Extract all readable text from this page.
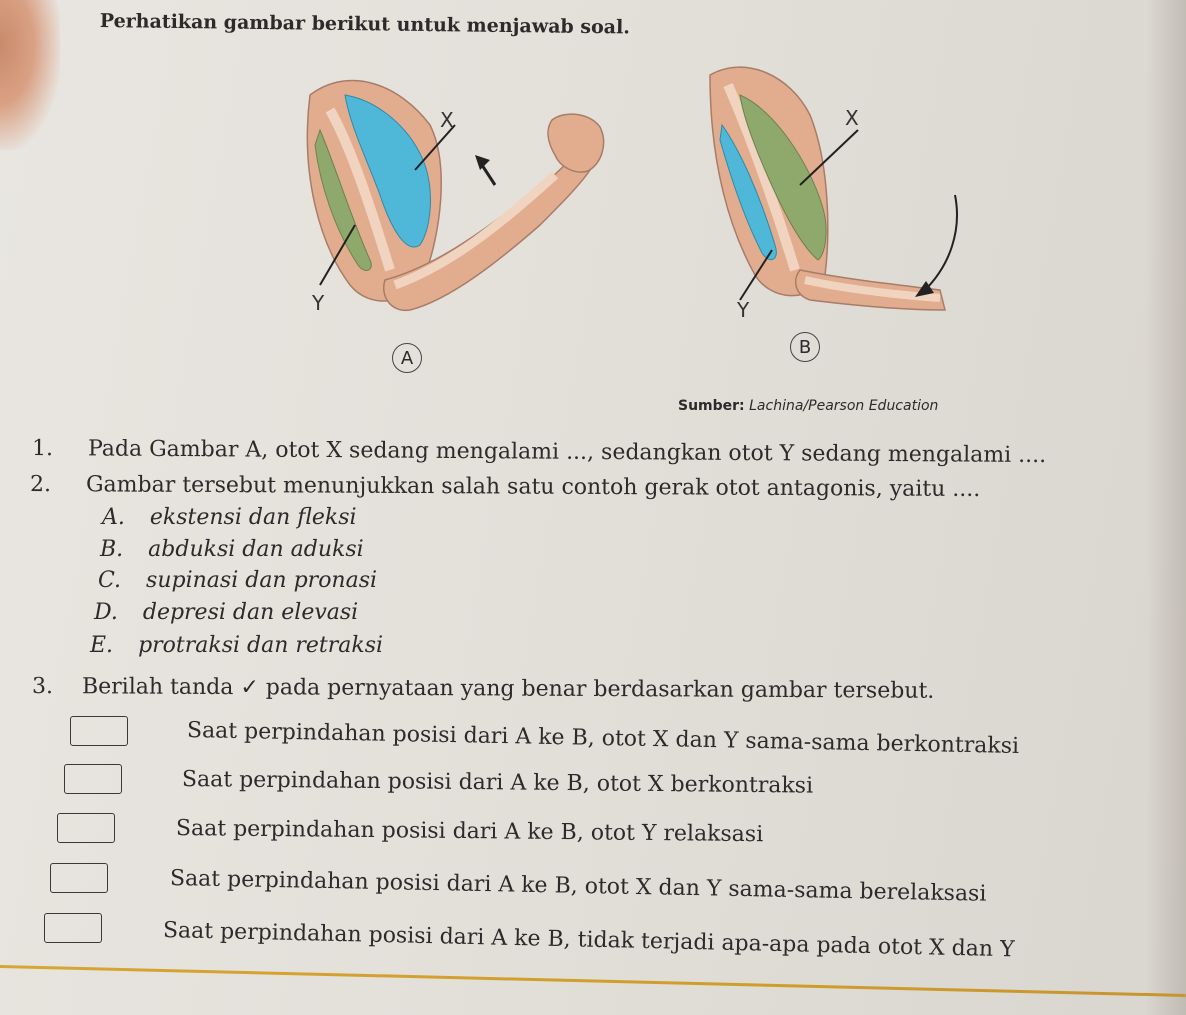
Perhatikan gambar berikut untuk menjawab soal.
X
Y
X
Y
A
B
Sumber: Lachina/Pearson Education
1. Pada Gambar A, otot X sedang mengalami ..., sedangkan otot Y sedang mengalami ....
2. Gambar tersebut menunjukkan salah satu contoh gerak otot antagonis, yaitu ....
A. ekstensi dan fleksi
B. abduksi dan aduksi
C. supinasi dan pronasi
D. depresi dan elevasi
E. protraksi dan retraksi
3. Berilah tanda ✓ pada pernyataan yang benar berdasarkan gambar tersebut.
Saat perpindahan posisi dari A ke B, otot X dan Y sama-sama berkontraksi
Saat perpindahan posisi dari A ke B, otot X berkontraksi
Saat perpindahan posisi dari A ke B, otot Y relaksasi
Saat perpindahan posisi dari A ke B, otot X dan Y sama-sama berelaksasi
Saat perpindahan posisi dari A ke B, tidak terjadi apa-apa pada otot X dan Y
